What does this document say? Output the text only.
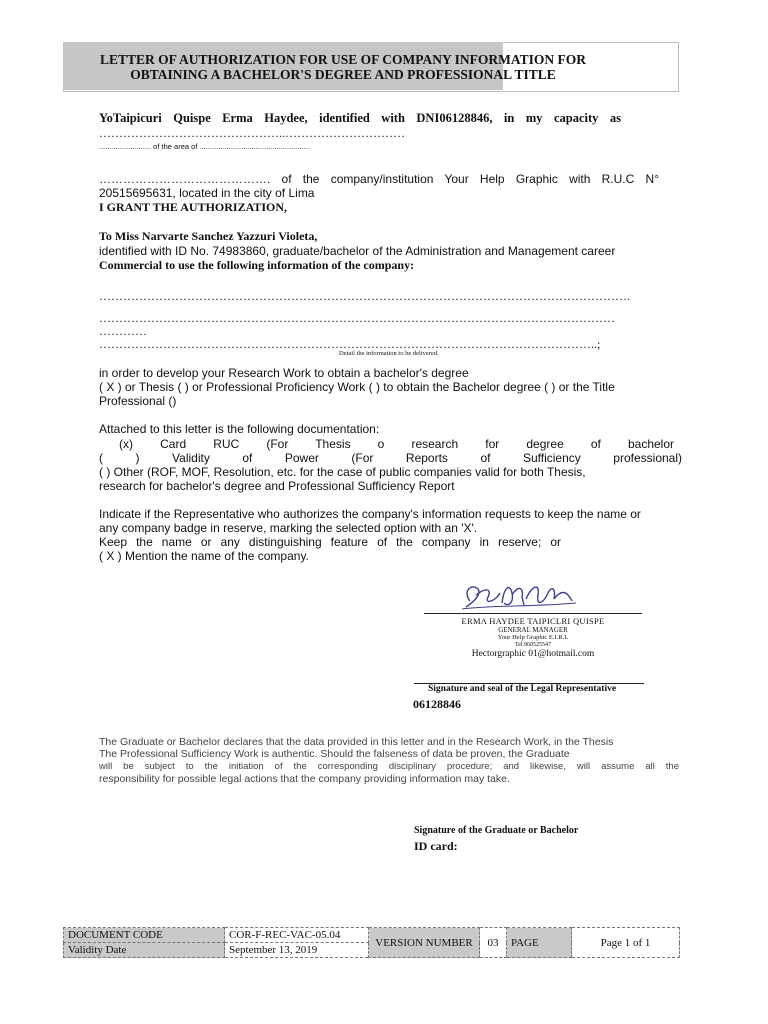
LETTER OF AUTHORIZATION FOR USE OF COMPANY INFORMATION FOR
OBTAINING A BACHELOR'S DEGREE AND PROFESSIONAL TITLE
YoTaipicuri Quispe Erma Haydee, identified with DNI06128846, in my capacity as
………………………………………..…………………………
......................... of the area of .....................................................
……………………………………. of the company/institution Your Help Graphic with R.U.C N°
20515695631, located in the city of Lima
I GRANT THE AUTHORIZATION,
To Miss Narvarte Sanchez Yazzuri Violeta,
identified with ID No. 74983860, graduate/bachelor of the Administration and Management career
Commercial to use the following information of the company:
…………………………………………………………………………………………………………………….
…………………………………………………………………………………………………………………
…………
……………………………………………………………………………………………………………..;
Detail the information to be delivered.
in order to develop your Research Work to obtain a bachelor's degree
( X ) or Thesis ( ) or Professional Proficiency Work ( ) to obtain the Bachelor degree ( ) or the Title
Professional ()
Attached to this letter is the following documentation:
(x) Card RUC (For Thesis o research for degree of bachelor
( ) Validity of Power (For Reports of Sufficiency professional)
( ) Other (ROF, MOF, Resolution, etc. for the case of public companies valid for both Thesis,
research for bachelor's degree and Professional Sufficiency Report
Indicate if the Representative who authorizes the company's information requests to keep the name or
any company badge in reserve, marking the selected option with an 'X'.
Keep the name or any distinguishing feature of the company in reserve; or
( X ) Mention the name of the company.
ERMA HAYDEE TAIPICLRI QUISPE
GENERAL MANAGER
Your Help Graphic E.I.R.L
Tel.960525547
Hectorgraphic 01@hotmail.com
Signature and seal of the Legal Representative
06128846
The Graduate or Bachelor declares that the data provided in this letter and in the Research Work, in the Thesis
The Professional Sufficiency Work is authentic. Should the falseness of data be proven, the Graduate
will be subject to the initiation of the corresponding disciplinary procedure; and likewise, will assume all the
responsibility for possible legal actions that the company providing information may take.
Signature of the Graduate or Bachelor
ID card:
DOCUMENT CODE	COR-F-REC-VAC-05.04	VERSION NUMBER	03	PAGE	Page 1 of 1
Validity Date	September 13, 2019				
